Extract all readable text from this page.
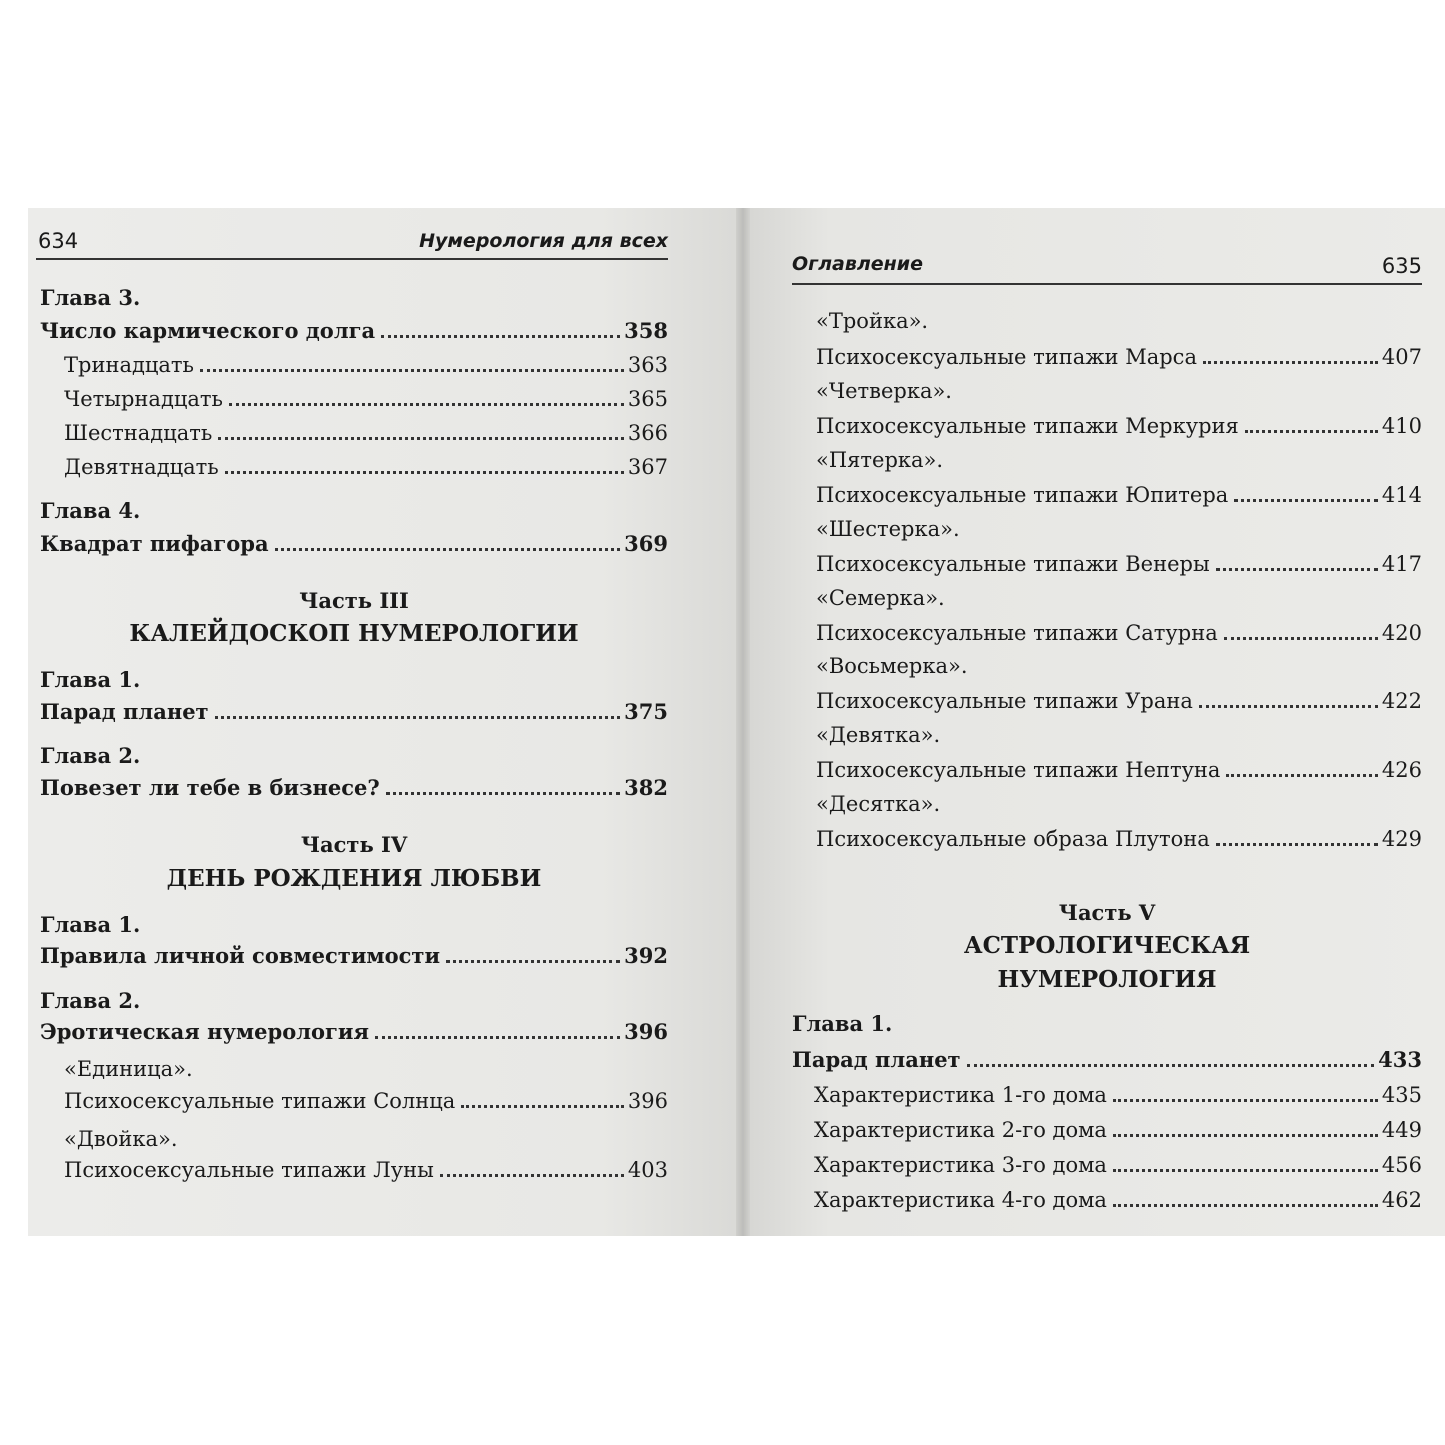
634	Нумерология для всех
Глава 3.
Число кармического долга	358
Тринадцать	363
Четырнадцать	365
Шестнадцать	366
Девятнадцать	367
Глава 4.
Квадрат пифагора	369
Часть III
КАЛЕЙДОСКОП НУМЕРОЛОГИИ
Глава 1.
Парад планет	375
Глава 2.
Повезет ли тебе в бизнесе?	382
Часть IV
ДЕНЬ РОЖДЕНИЯ ЛЮБВИ
Глава 1.
Правила личной совместимости	392
Глава 2.
Эротическая нумерология	396
«Единица».
Психосексуальные типажи Солнца	396
«Двойка».
Психосексуальные типажи Луны	403
Оглавление	635
«Тройка».
Психосексуальные типажи Марса	407
«Четверка».
Психосексуальные типажи Меркурия	410
«Пятерка».
Психосексуальные типажи Юпитера	414
«Шестерка».
Психосексуальные типажи Венеры	417
«Семерка».
Психосексуальные типажи Сатурна	420
«Восьмерка».
Психосексуальные типажи Урана	422
«Девятка».
Психосексуальные типажи Нептуна	426
«Десятка».
Психосексуальные образа Плутона	429
Часть V
АСТРОЛОГИЧЕСКАЯ
НУМЕРОЛОГИЯ
Глава 1.
Парад планет	433
Характеристика 1-го дома	435
Характеристика 2-го дома	449
Характеристика 3-го дома	456
Характеристика 4-го дома	462
